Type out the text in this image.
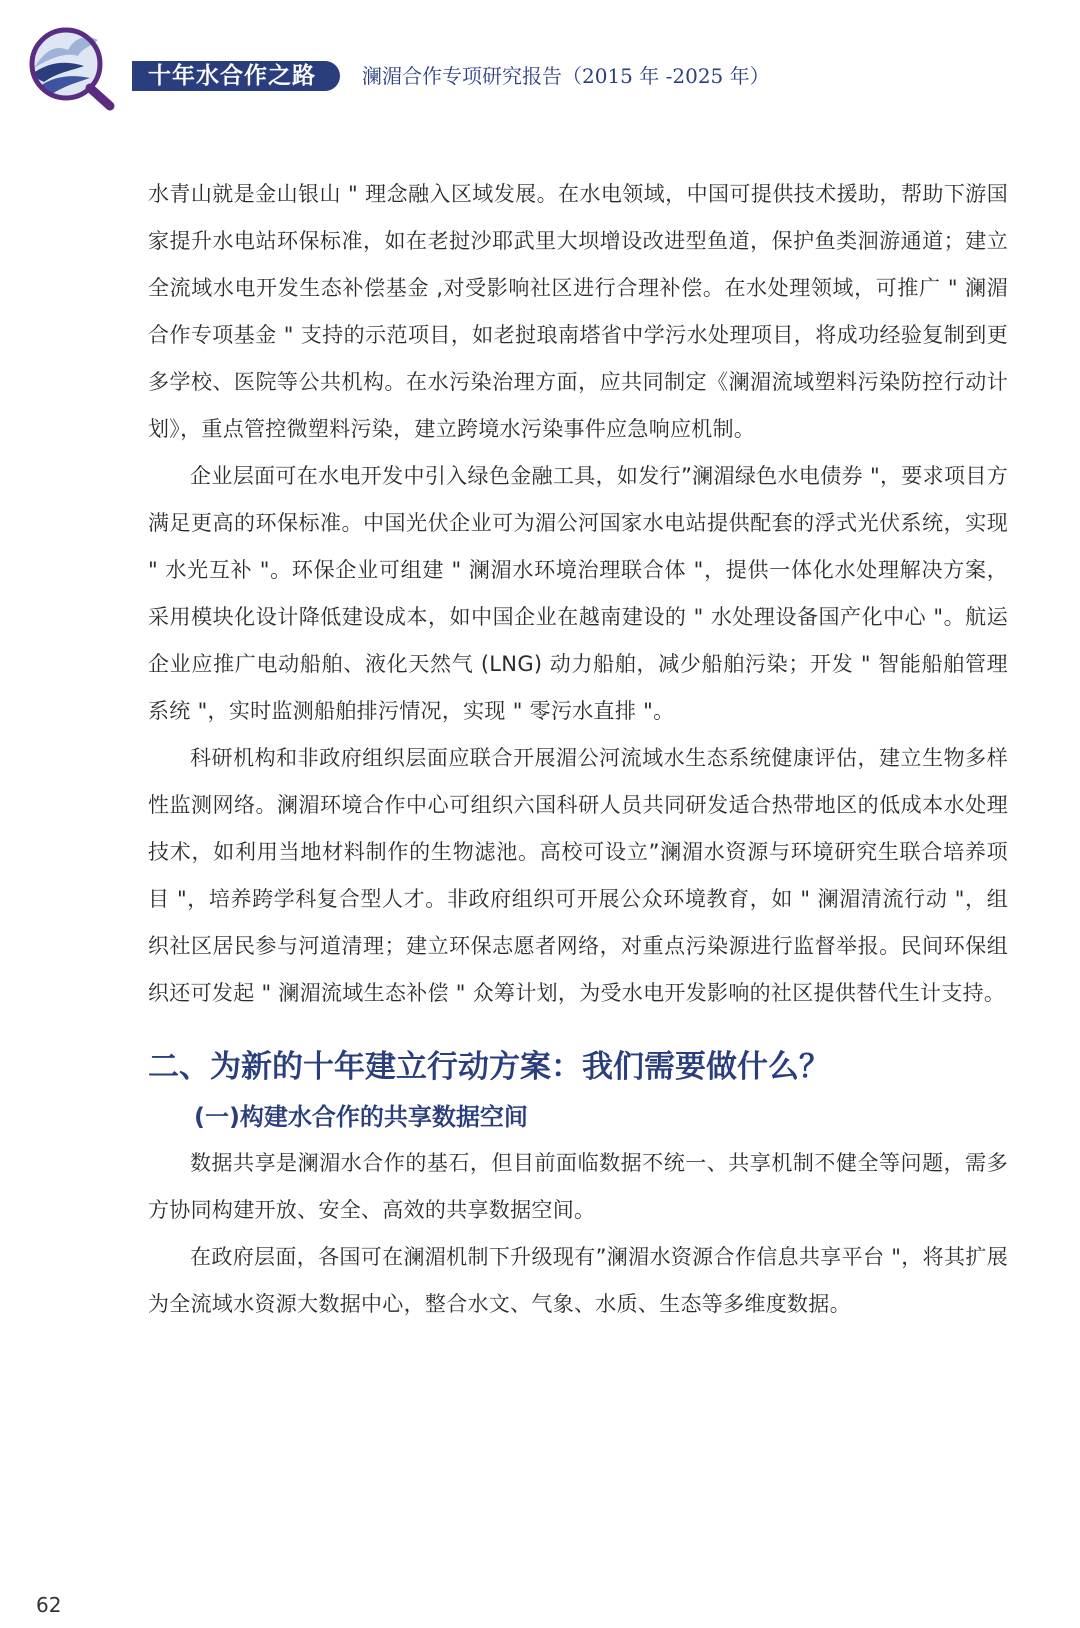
十年水合作之路 澜湄合作专项研究报告（2015 年 -2025 年）

水青山就是金山银山 " 理念融入区域发展。在水电领域，中国可提供技术援助，帮助下游国家提升水电站环保标准，如在老挝沙耶武里大坝增设改进型鱼道，保护鱼类洄游通道；建立全流域水电开发生态补偿基金 ,对受影响社区进行合理补偿。在水处理领域，可推广 " 澜湄合作专项基金 " 支持的示范项目，如老挝琅南塔省中学污水处理项目，将成功经验复制到更多学校、医院等公共机构。在水污染治理方面，应共同制定《澜湄流域塑料污染防控行动计划》，重点管控微塑料污染，建立跨境水污染事件应急响应机制。

企业层面可在水电开发中引入绿色金融工具，如发行”澜湄绿色水电债券 "，要求项目方满足更高的环保标准。中国光伏企业可为湄公河国家水电站提供配套的浮式光伏系统，实现 " 水光互补 "。环保企业可组建 " 澜湄水环境治理联合体 "，提供一体化水处理解决方案，采用模块化设计降低建设成本，如中国企业在越南建设的 " 水处理设备国产化中心 "。航运企业应推广电动船舶、液化天然气 (LNG) 动力船舶，减少船舶污染；开发 " 智能船舶管理系统 "，实时监测船舶排污情况，实现 " 零污水直排 "。

科研机构和非政府组织层面应联合开展湄公河流域水生态系统健康评估，建立生物多样性监测网络。澜湄环境合作中心可组织六国科研人员共同研发适合热带地区的低成本水处理技术，如利用当地材料制作的生物滤池。高校可设立”澜湄水资源与环境研究生联合培养项目 "，培养跨学科复合型人才。非政府组织可开展公众环境教育，如 " 澜湄清流行动 "，组织社区居民参与河道清理；建立环保志愿者网络，对重点污染源进行监督举报。民间环保组织还可发起 " 澜湄流域生态补偿 " 众筹计划，为受水电开发影响的社区提供替代生计支持。

二、为新的十年建立行动方案：我们需要做什么？
(一)构建水合作的共享数据空间

数据共享是澜湄水合作的基石，但目前面临数据不统一、共享机制不健全等问题，需多方协同构建开放、安全、高效的共享数据空间。

在政府层面，各国可在澜湄机制下升级现有”澜湄水资源合作信息共享平台 "，将其扩展为全流域水资源大数据中心，整合水文、气象、水质、生态等多维度数据。

62
